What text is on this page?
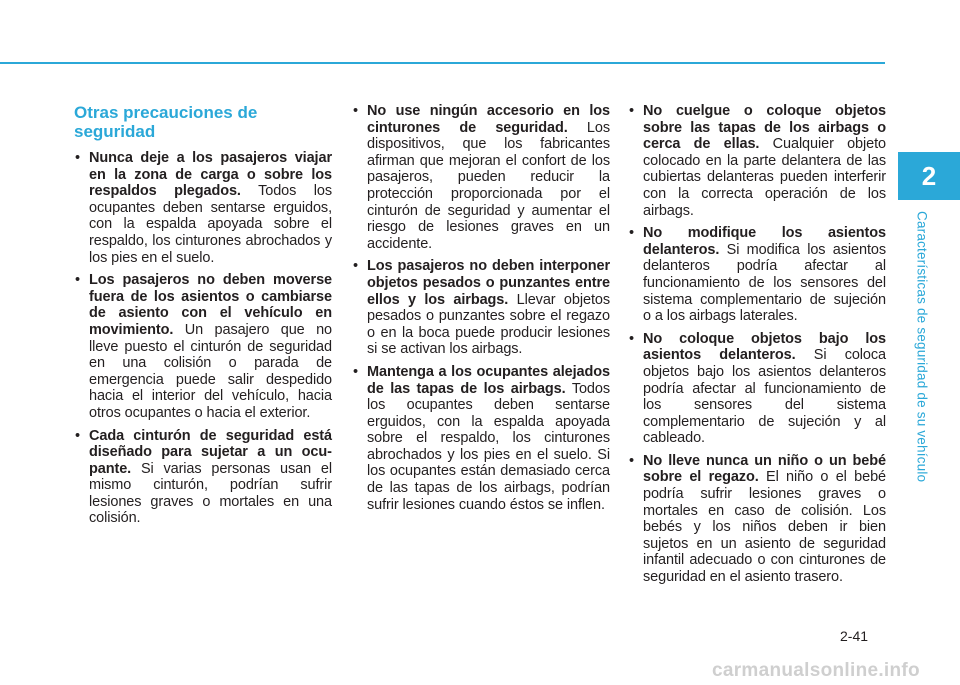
2
Características de seguridad de su vehículo
Otras precauciones de seguridad

• Nunca deje a los pasajeros viajar en la zona de carga o sobre los respaldos plegados. Todos los ocupantes deben sentarse erguidos, con la espalda apoyada sobre el respaldo, los cinturones abrochados y los pies en el suelo.

• Los pasajeros no deben moverse fuera de los asientos o cambiarse de asiento con el vehículo en movimiento. Un pasajero que no lleve puesto el cinturón de seguridad en una colisión o parada de emergencia puede salir despedido hacia el interior del vehículo, hacia otros ocupantes o hacia el exterior.

• Cada cinturón de seguridad está diseñado para sujetar a un ocupante. Si varias personas usan el mismo cinturón, podrían sufrir lesiones graves o mortales en una colisión.

• No use ningún accesorio en los cinturones de seguridad. Los dispositivos, que los fabricantes afirman que mejoran el confort de los pasajeros, pueden reducir la protección proporcionada por el cinturón de seguridad y aumentar el riesgo de lesiones graves en un accidente.

• Los pasajeros no deben interponer objetos pesados o punzantes entre ellos y los airbags. Llevar objetos pesados o punzantes sobre el regazo o en la boca puede producir lesiones si se activan los airbags.

• Mantenga a los ocupantes alejados de las tapas de los airbags. Todos los ocupantes deben sentarse erguidos, con la espalda apoyada sobre el respaldo, los cinturones abrochados y los pies en el suelo. Si los ocupantes están demasiado cerca de las tapas de los airbags, podrían sufrir lesiones cuando éstos se inflen.

• No cuelgue o coloque objetos sobre las tapas de los airbags o cerca de ellas. Cualquier objeto colocado en la parte delantera de las cubiertas delanteras pueden interferir con la correcta operación de los airbags.

• No modifique los asientos delanteros. Si modifica los asientos delanteros podría afectar al funcionamiento de los sensores del sistema complementario de sujeción o a los airbags laterales.

• No coloque objetos bajo los asientos delanteros. Si coloca objetos bajo los asientos delanteros podría afectar al funcionamiento de los sensores del sistema complementario de sujeción y al cableado.

• No lleve nunca un niño o un bebé sobre el regazo. El niño o el bebé podría sufrir lesiones graves o mortales en caso de colisión. Los bebés y los niños deben ir bien sujetos en un asiento de seguridad infantil adecuado o con cinturones de seguridad en el asiento trasero.

2-41
carmanualsonline.info
